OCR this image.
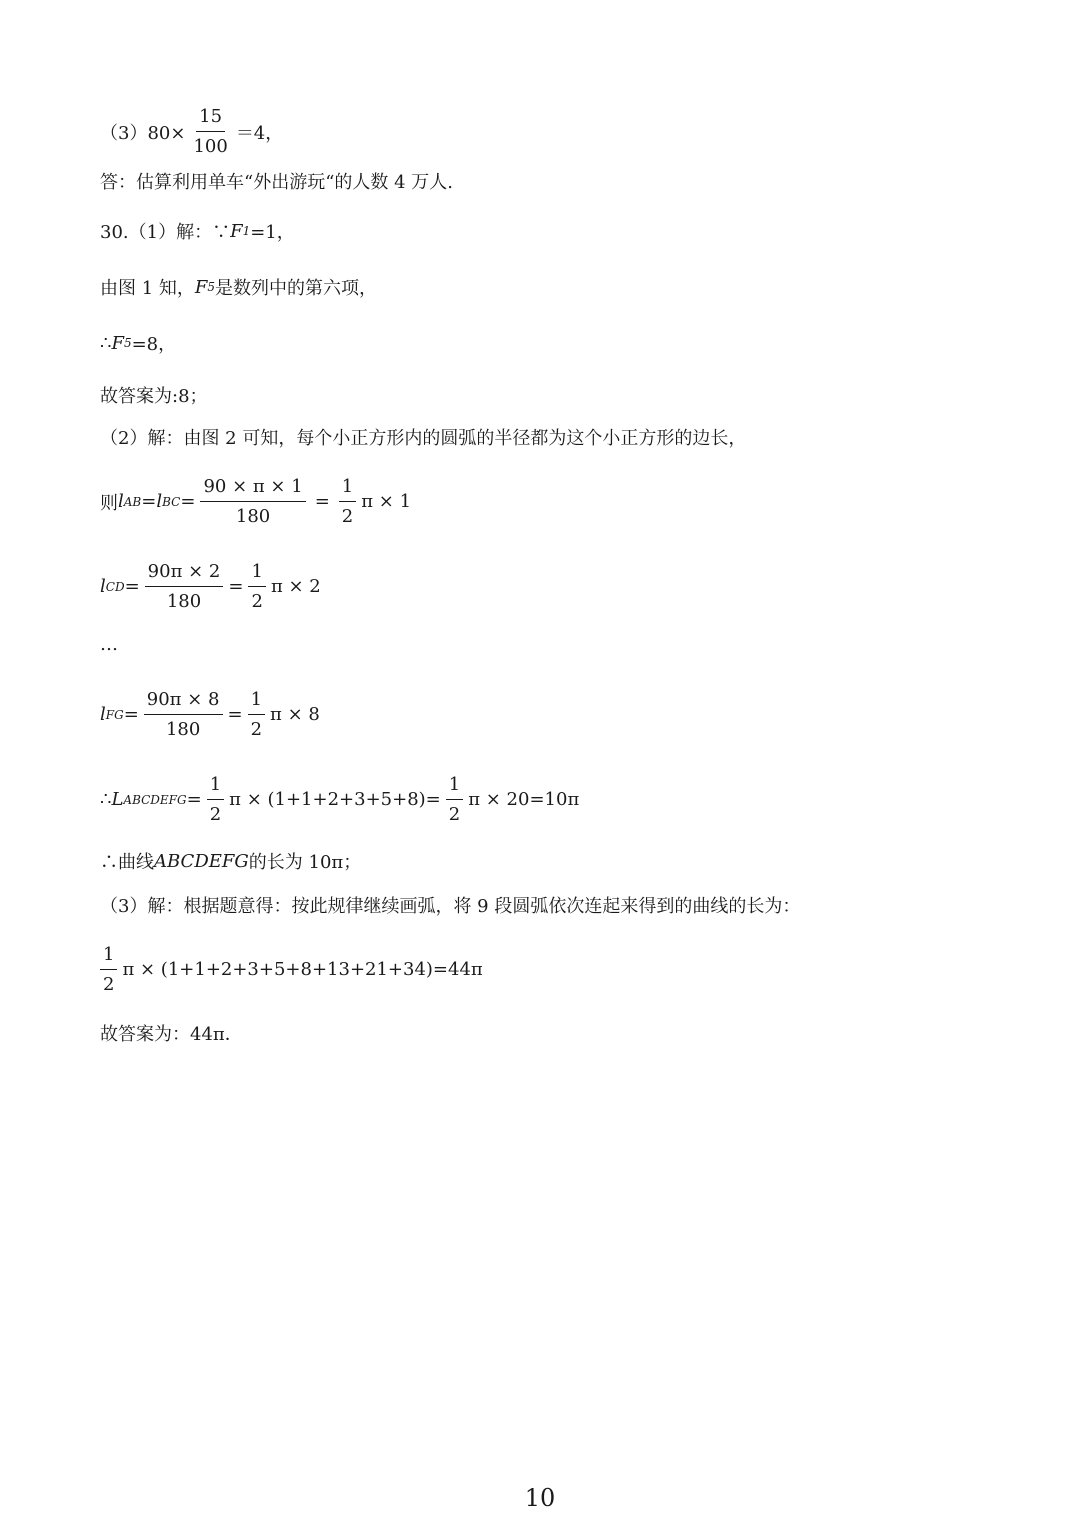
$(3)80\times \frac{15}{100} =4$，
答：估算利用单车“外出游玩“的人数 4 万人.
30.（1）解：∵ F 1 =1，
由图 1 知， F 5 是数列中的第六项，
∴ F 5 =8，
故答案为:8；
（2）解：由图 2 可知，每个小正方形内的圆弧的半径都为这个小正方形的边长，
则 l AB = l BC = $\frac{90 \times \pi \times 1}{180} = \frac{1}{2}$ π × 1
l CD = $\frac{90\pi \times 2}{180} = \frac{1}{2}$ π × 2
…
l FG = $\frac{90\pi \times 8}{180} = \frac{1}{2}$ π × 8
∴ L ABCDEFG = $\frac{1}{2}$ $\pi \times (1+1+2+3+5+8)= \frac{1}{2}$ π × 20=10π
∴曲线 ABCDEFG 的长为 10π；
（3）解：根据题意得：按此规律继续画弧，将 9 段圆弧依次连起来得到的曲线的长为：
$\frac{1}{2}$ π × (1+1+2+3+5+8+13+21+34)=44π
故答案为：44π．
10
